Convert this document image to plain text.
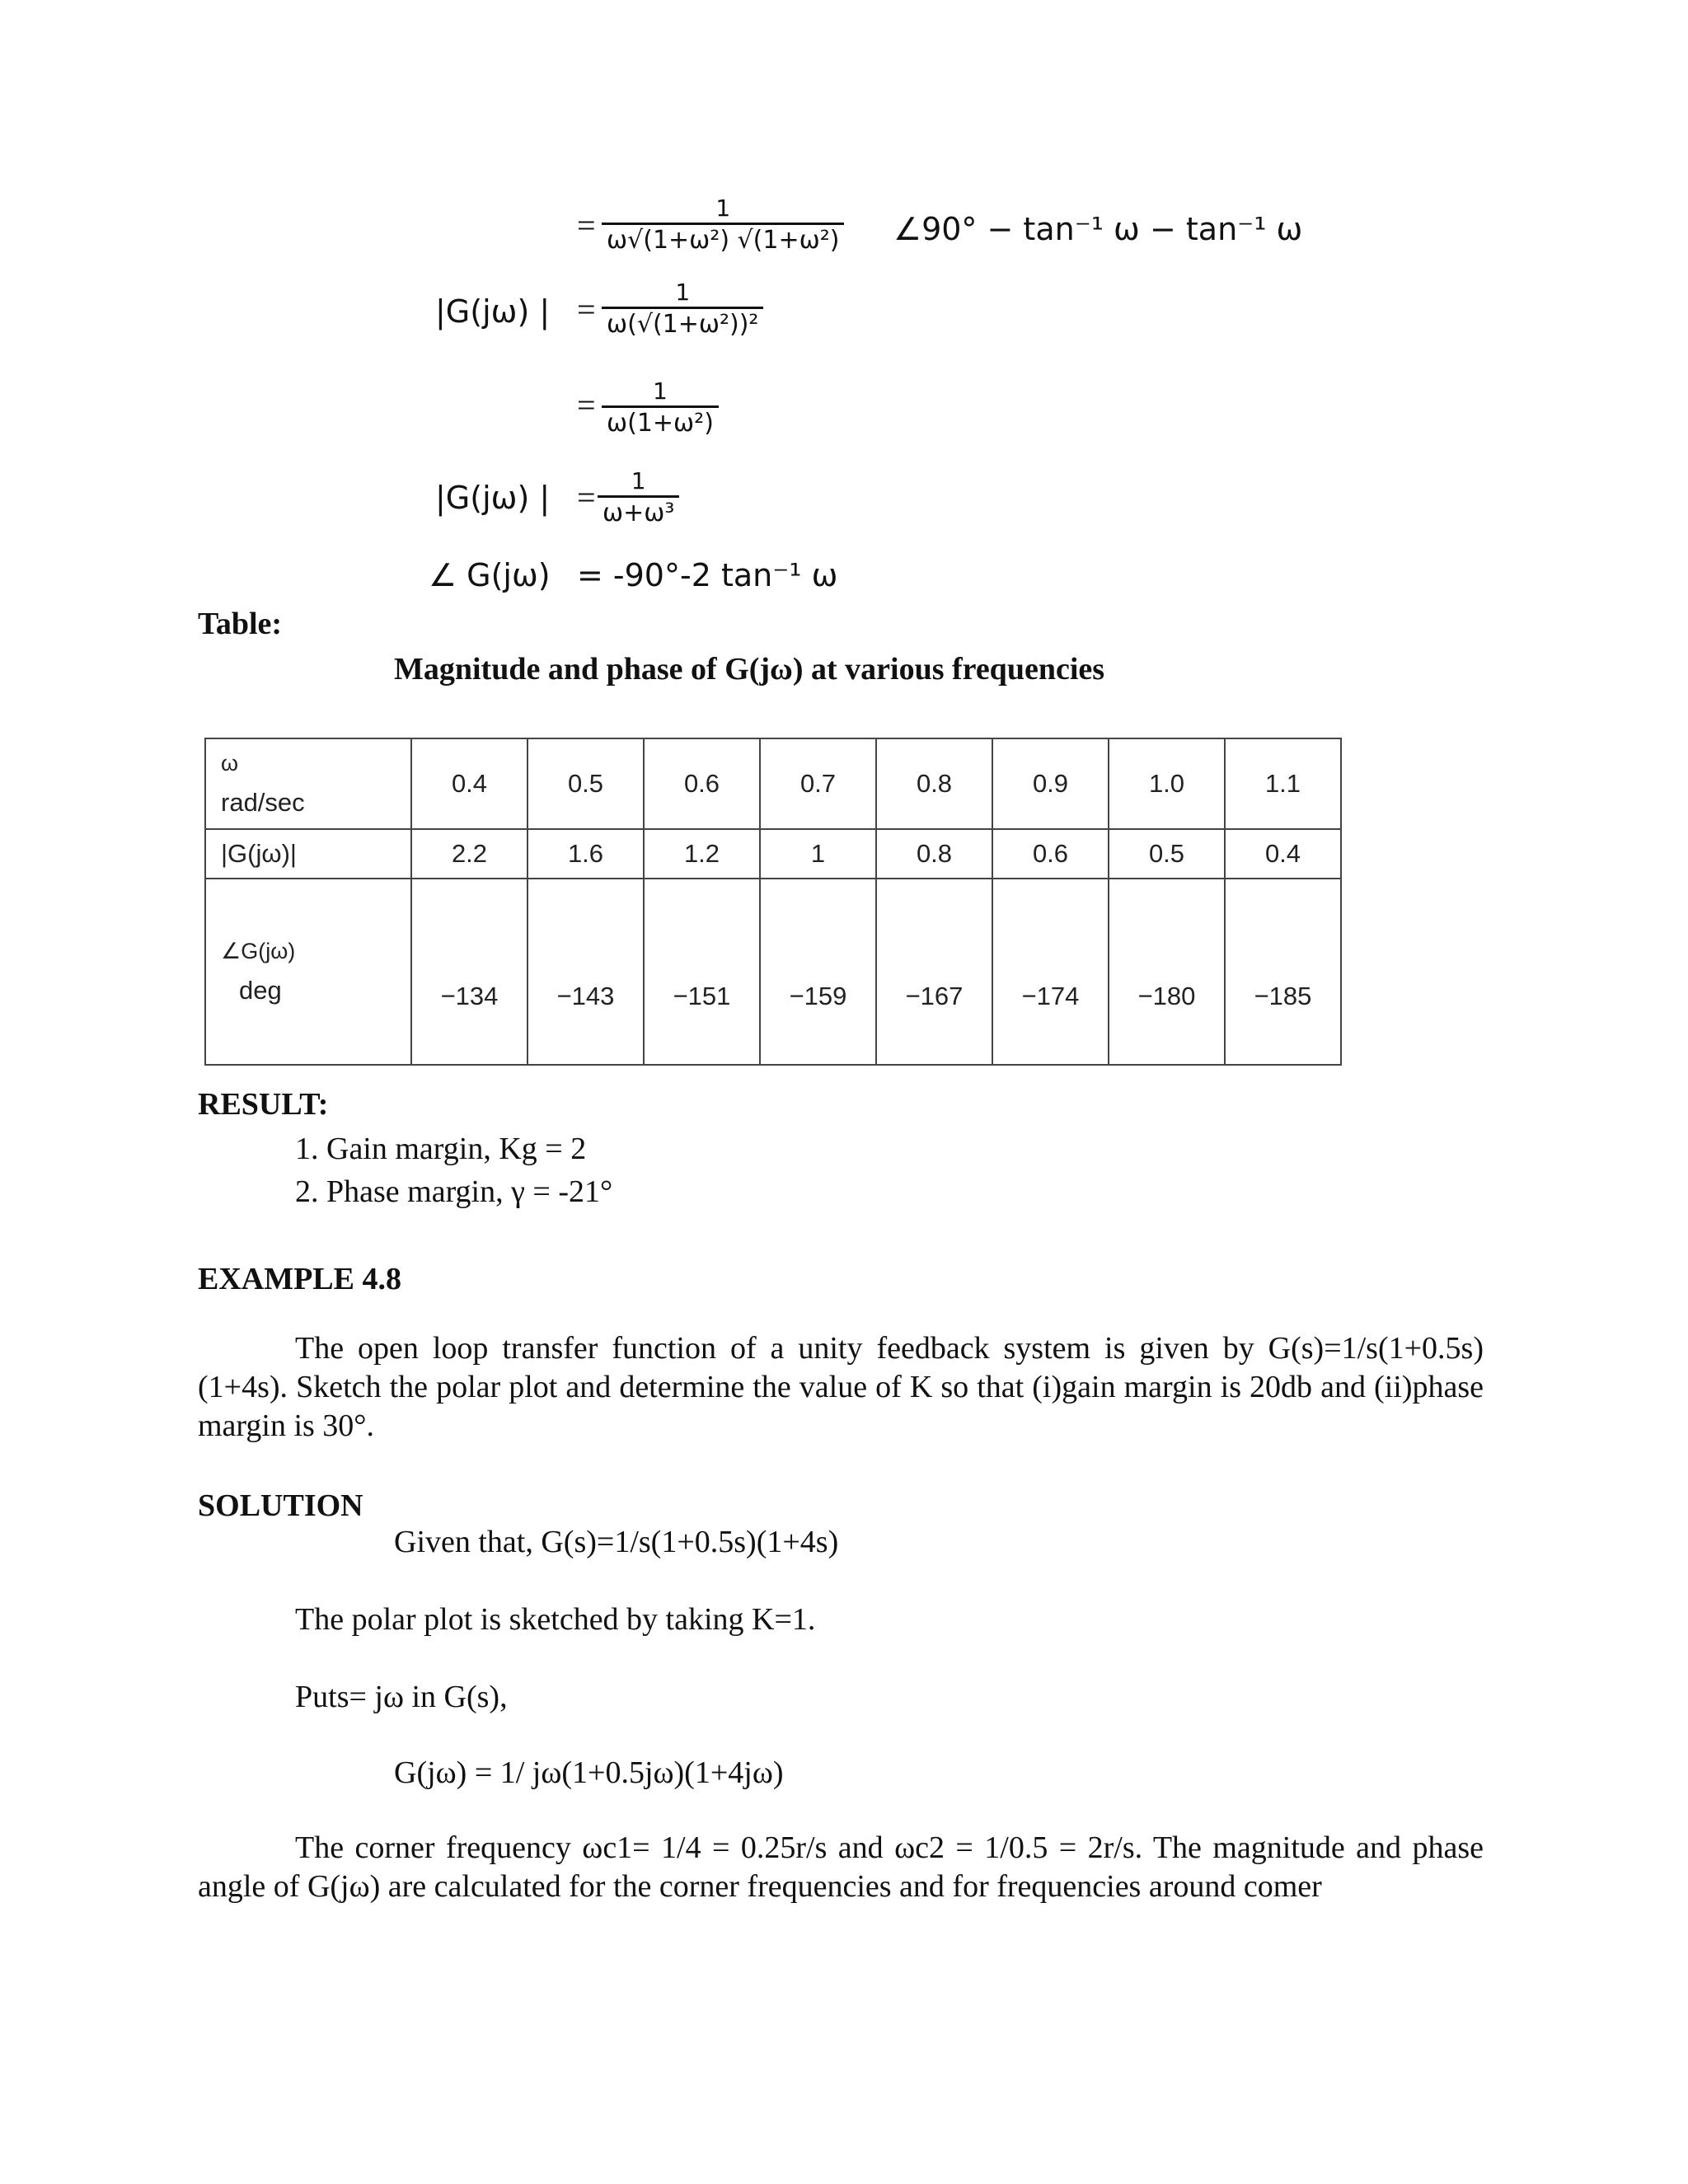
= $\frac{1}{\text{ω√(1+ω²) √(1+ω²)}}$ ∠90° − tan⁻¹ ω − tan⁻¹ ω
|G(jω) | = $\frac{1}{\text{ω(√(1+ω²))²}}$
= $\frac{1}{\text{ω(1+ω²)}}$
|G(jω) | = $\frac{1}{\text{ω+ω³}}$
∠ G(jω) = -90°-2 tan⁻¹ ω
Table:
Magnitude and phase of G(jω) at various frequencies
ω
rad/sec	0.4	0.5	0.6	0.7	0.8	0.9	1.0	1.1
|G(jω)|	2.2	1.6	1.2	1	0.8	0.6	0.5	0.4

∠G(jω)
deg	−134	−143	−151	−159	−167	−174	−180	−185
RESULT:
1. Gain margin, Kg = 2
2. Phase margin, γ = -21°
EXAMPLE 4.8
The open loop transfer function of a unity feedback system is given by G(s)=1/s(1+0.5s)(1+4s). Sketch the polar plot and determine the value of K so that (i)gain margin is 20db and (ii)phase margin is 30°.
SOLUTION
Given that, G(s)=1/s(1+0.5s)(1+4s)
The polar plot is sketched by taking K=1.
Puts= jω in G(s),
G(jω) = 1/ jω(1+0.5jω)(1+4jω)
The corner frequency ωc1= 1/4 = 0.25r/s and ωc2 = 1/0.5 = 2r/s. The magnitude and phase angle of G(jω) are calculated for the corner frequencies and for frequencies around comer
